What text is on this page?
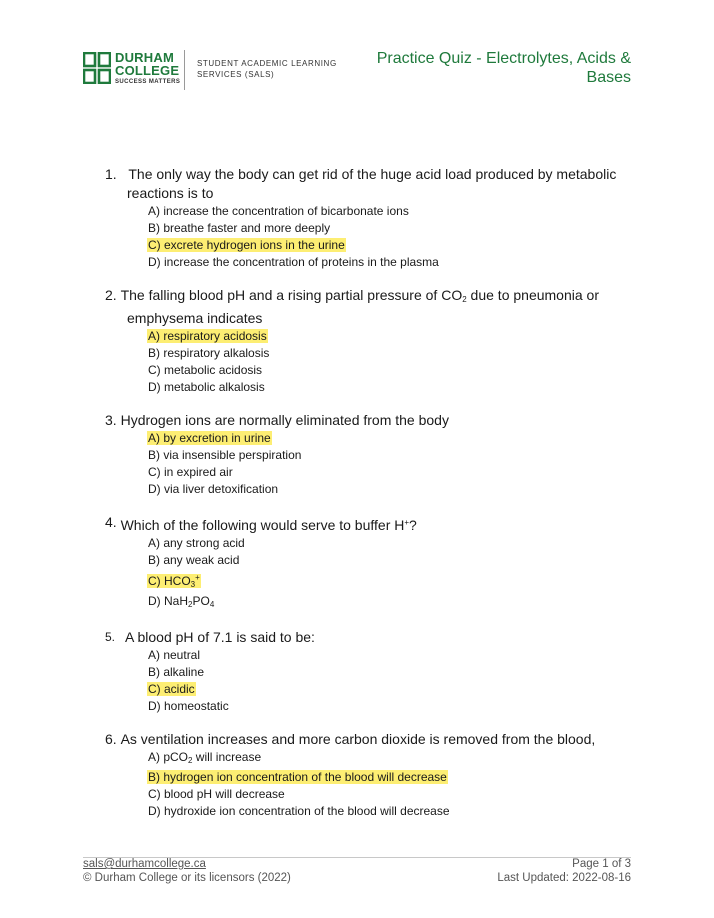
DURHAM
COLLEGE
SUCCESS MATTERS
STUDENT ACADEMIC LEARNING
SERVICES (SALS)
Practice Quiz - Electrolytes, Acids &
Bases
1. The only way the body can get rid of the huge acid load produced by metabolic
reactions is to
A) increase the concentration of bicarbonate ions
B) breathe faster and more deeply
C) excrete hydrogen ions in the urine
D) increase the concentration of proteins in the plasma
2. The falling blood pH and a rising partial pressure of $CO_2$ due to pneumonia or
emphysema indicates
A) respiratory acidosis
B) respiratory alkalosis
C) metabolic acidosis
D) metabolic alkalosis
3. Hydrogen ions are normally eliminated from the body
A) by excretion in urine
B) via insensible perspiration
C) in expired air
D) via liver detoxification
4. Which of the following would serve to buffer H+?
A) any strong acid
B) any weak acid
C) $HCO_3^+$
D) $NaH_2PO_4$
5. A blood pH of 7.1 is said to be:
A) neutral
B) alkaline
C) acidic
D) homeostatic
6. As ventilation increases and more carbon dioxide is removed from the blood,
A) pCO$_2$ will increase
B) hydrogen ion concentration of the blood will decrease
C) blood pH will decrease
D) hydroxide ion concentration of the blood will decrease
sals@durhamcollege.ca
© Durham College or its licensors (2022)
Page 1 of 3
Last Updated: 2022-08-16
